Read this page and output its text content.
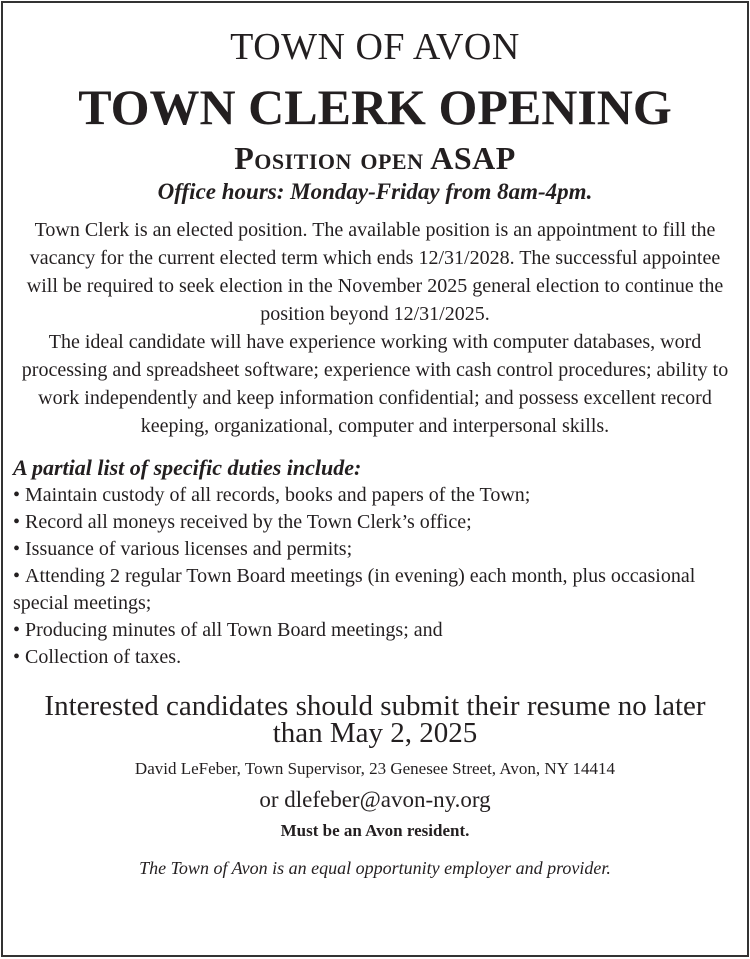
TOWN OF AVON
TOWN CLERK OPENING
Position open ASAP
Office hours: Monday-Friday from 8am-4pm.
Town Clerk is an elected position. The available position is an appointment to fill the vacancy for the current elected term which ends 12/31/2028. The successful appointee will be required to seek election in the November 2025 general election to continue the position beyond 12/31/2025.
The ideal candidate will have experience working with computer databases, word processing and spreadsheet software; experience with cash control procedures; ability to work independently and keep information confidential; and possess excellent record keeping, organizational, computer and interpersonal skills.
A partial list of specific duties include:
• Maintain custody of all records, books and papers of the Town;
• Record all moneys received by the Town Clerk’s office;
• Issuance of various licenses and permits;
• Attending 2 regular Town Board meetings (in evening) each month, plus occasional special meetings;
• Producing minutes of all Town Board meetings; and
• Collection of taxes.
Interested candidates should submit their resume no later than May 2, 2025
David LeFeber, Town Supervisor, 23 Genesee Street, Avon, NY 14414
or dlefeber@avon-ny.org
Must be an Avon resident.
The Town of Avon is an equal opportunity employer and provider.
